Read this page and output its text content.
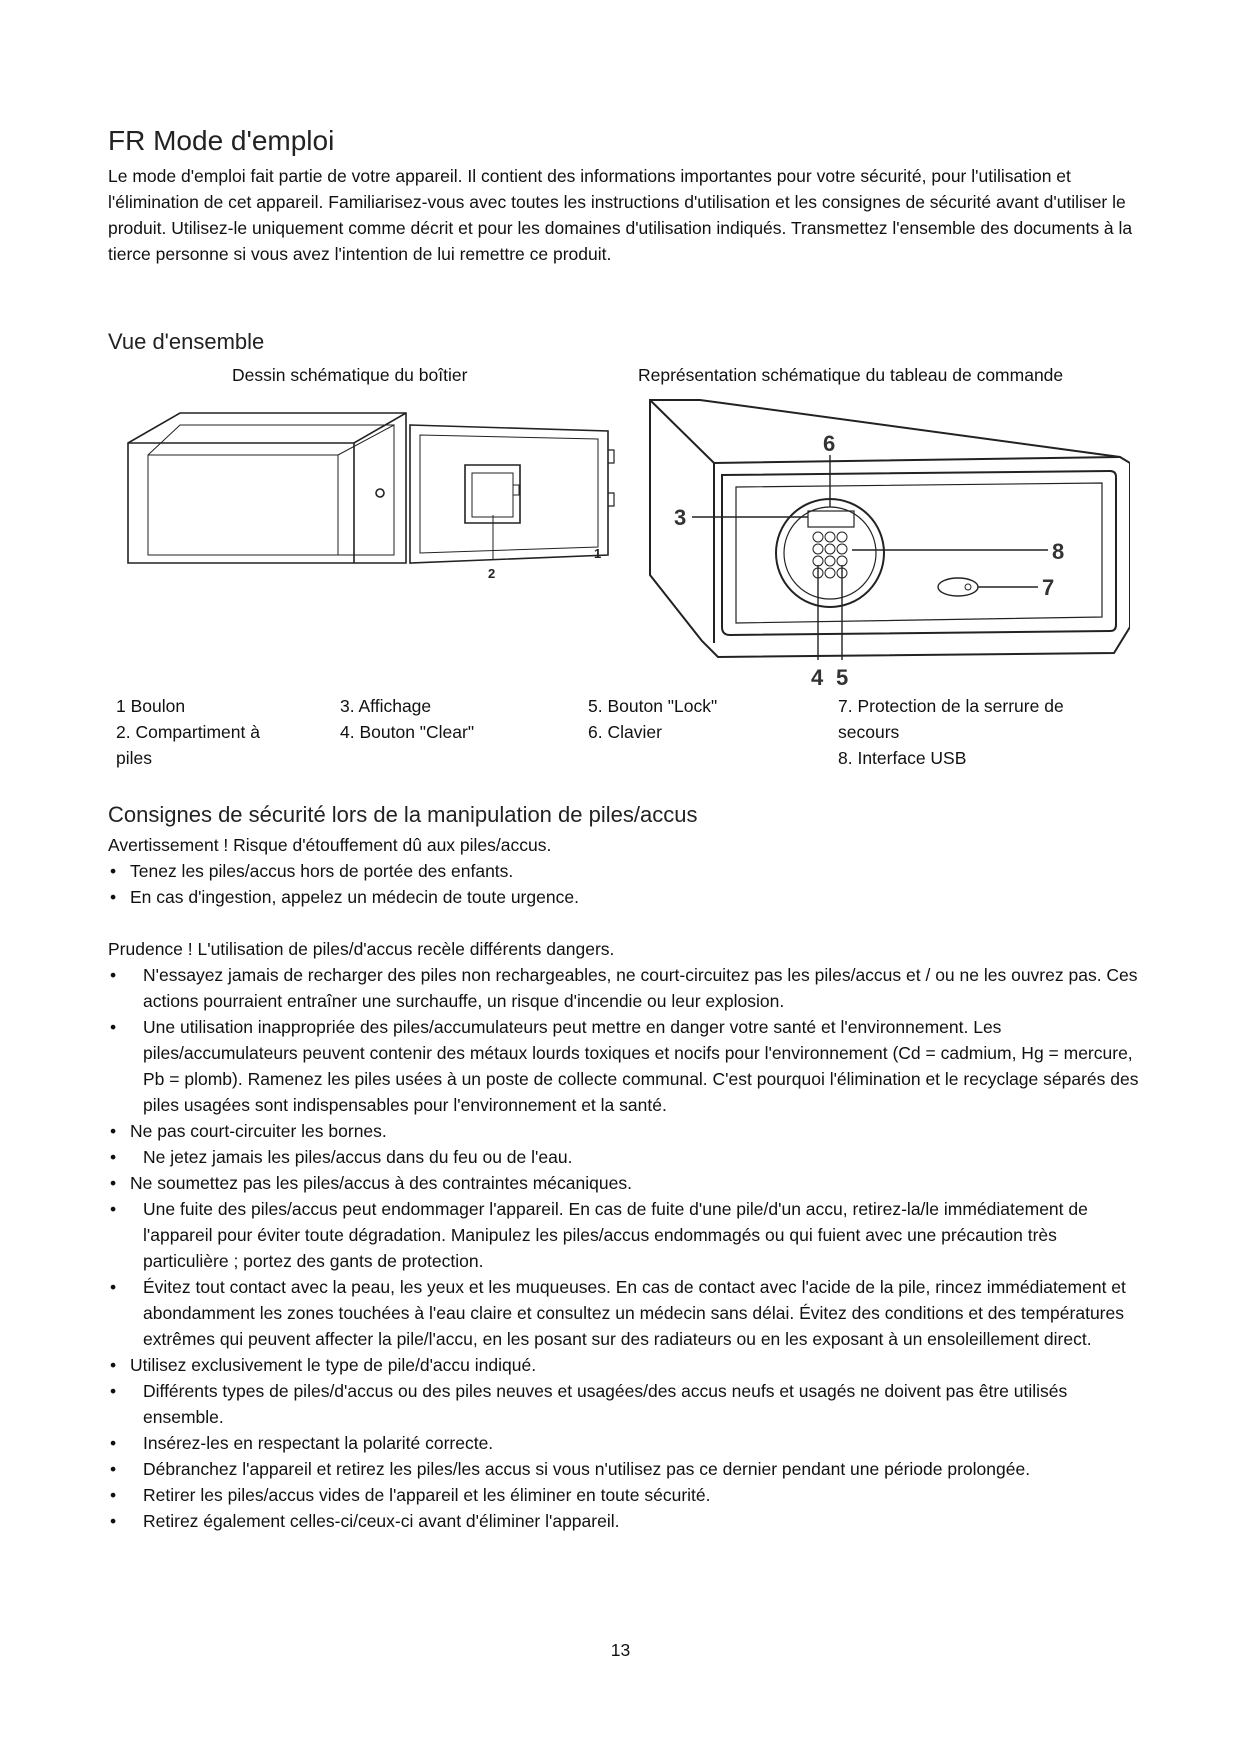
FR Mode d'emploi

Le mode d'emploi fait partie de votre appareil. Il contient des informations importantes pour votre sécurité, pour l'utilisation et l'élimination de cet appareil. Familiarisez-vous avec toutes les instructions d'utilisation et les consignes de sécurité avant d'utiliser le produit. Utilisez-le uniquement comme décrit et pour les domaines d'utilisation indiqués. Transmettez l'ensemble des documents à la tierce personne si vous avez l'intention de lui remettre ce produit.

Vue d'ensemble
Dessin schématique du boîtier	Représentation schématique du tableau de commande
2
1
6
3
8
7
4 5
1 Boulon
2. Compartiment à
piles
3. Affichage
4. Bouton "Clear"
5. Bouton "Lock"
6. Clavier
7. Protection de la serrure de
secours
8. Interface USB
Consignes de sécurité lors de la manipulation de piles/accus

Avertissement ! Risque d'étouffement dû aux piles/accus.

• Tenez les piles/accus hors de portée des enfants.
• En cas d'ingestion, appelez un médecin de toute urgence.

Prudence ! L'utilisation de piles/d'accus recèle différents dangers.

• N'essayez jamais de recharger des piles non rechargeables, ne court-circuitez pas les piles/accus et / ou ne les ouvrez pas. Ces actions pourraient entraîner une surchauffe, un risque d'incendie ou leur explosion.
• Une utilisation inappropriée des piles/accumulateurs peut mettre en danger votre santé et l'environnement. Les piles/accumulateurs peuvent contenir des métaux lourds toxiques et nocifs pour l'environnement (Cd = cadmium, Hg = mercure, Pb = plomb). Ramenez les piles usées à un poste de collecte communal. C'est pourquoi l'élimination et le recyclage séparés des piles usagées sont indispensables pour l'environnement et la santé.
• Ne pas court-circuiter les bornes.
• Ne jetez jamais les piles/accus dans du feu ou de l'eau.
• Ne soumettez pas les piles/accus à des contraintes mécaniques.
• Une fuite des piles/accus peut endommager l'appareil. En cas de fuite d'une pile/d'un accu, retirez-la/le immédiatement de l'appareil pour éviter toute dégradation. Manipulez les piles/accus endommagés ou qui fuient avec une précaution très particulière ; portez des gants de protection.
• Évitez tout contact avec la peau, les yeux et les muqueuses. En cas de contact avec l'acide de la pile, rincez immédiatement et abondamment les zones touchées à l'eau claire et consultez un médecin sans délai. Évitez des conditions et des températures extrêmes qui peuvent affecter la pile/l'accu, en les posant sur des radiateurs ou en les exposant à un ensoleillement direct.
• Utilisez exclusivement le type de pile/d'accu indiqué.
• Différents types de piles/d'accus ou des piles neuves et usagées/des accus neufs et usagés ne doivent pas être utilisés ensemble.
• Insérez-les en respectant la polarité correcte.
• Débranchez l'appareil et retirez les piles/les accus si vous n'utilisez pas ce dernier pendant une période prolongée.
• Retirer les piles/accus vides de l'appareil et les éliminer en toute sécurité.
• Retirez également celles-ci/ceux-ci avant d'éliminer l'appareil.
13
